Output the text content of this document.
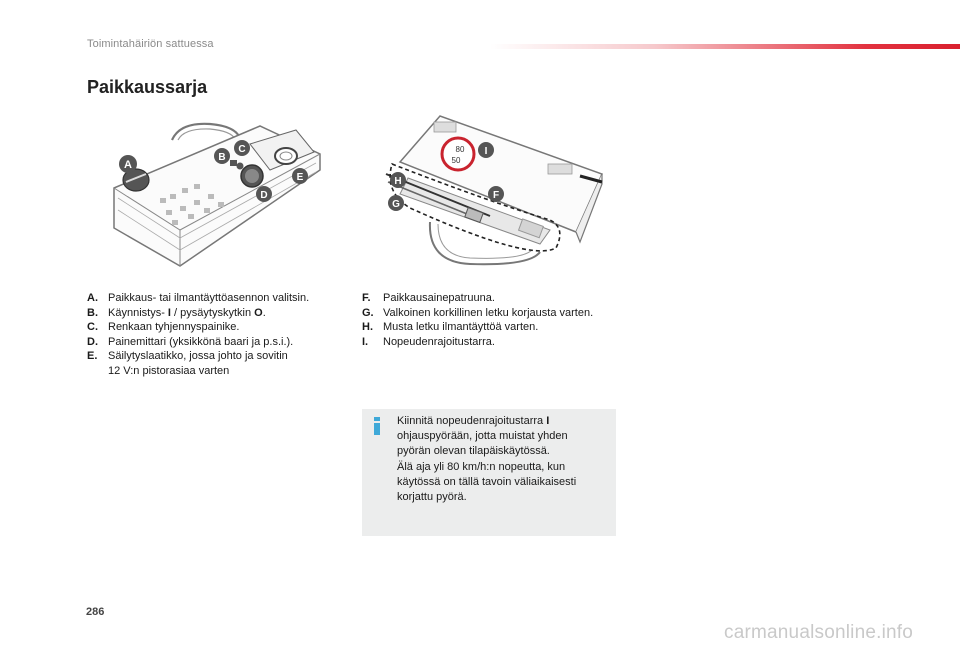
Toimintahäiriön sattuessa
Paikkaussarja
A
B
C
D
E
80
50
I
H
F
G
A. Paikkaus- tai ilmantäyttöasennon valitsin.
B. Käynnistys- I / pysäytyskytkin O.
C. Renkaan tyhjennyspainike.
D. Painemittari (yksikkönä baari ja p.s.i.).
E. Säilytyslaatikko, jossa johto ja sovitin
12 V:n pistorasiaa varten
F.	Paikkausainepatruuna.
G. Valkoinen korkillinen letku korjausta varten.
H. Musta letku ilmantäyttöä varten.
I.	Nopeudenrajoitustarra.
Kiinnitä nopeudenrajoitustarra I
ohjauspyörään, jotta muistat yhden
pyörän olevan tilapäiskäytössä.
Älä aja yli 80 km/h:n nopeutta, kun
käytössä on tällä tavoin väliaikaisesti
korjattu pyörä.
286
carmanualsonline.info
